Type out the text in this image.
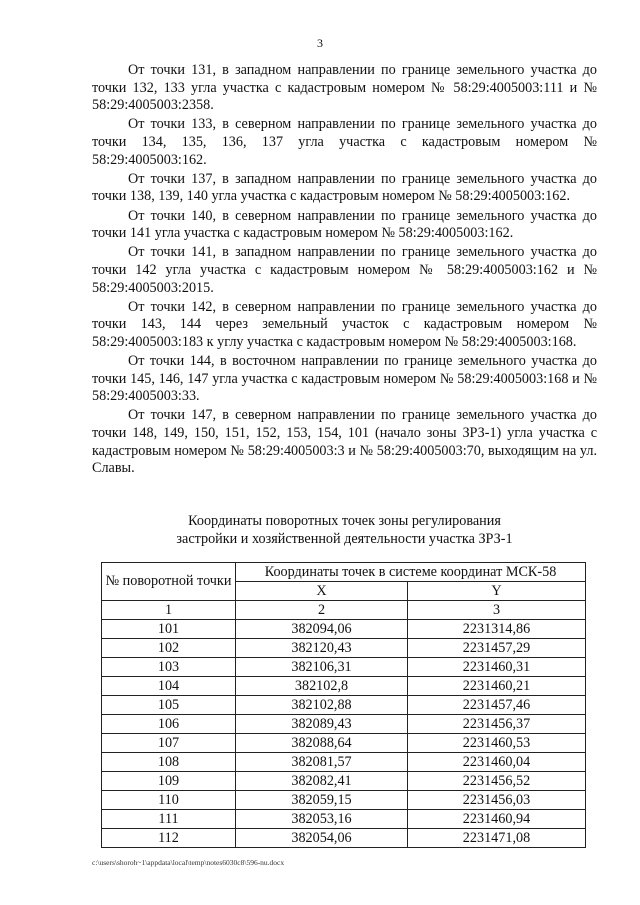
3

От точки 131, в западном направлении по границе земельного участка до точки 132, 133 угла участка с кадастровым номером № 58:29:4005003:111 и № 58:29:4005003:2358.

От точки 133, в северном направлении по границе земельного участка до точки 134, 135, 136, 137 угла участка с кадастровым номером № 58:29:4005003:162.

От точки 137, в западном направлении по границе земельного участка до точки 138, 139, 140 угла участка с кадастровым номером № 58:29:4005003:162.

От точки 140, в северном направлении по границе земельного участка до точки 141 угла участка с кадастровым номером № 58:29:4005003:162.

От точки 141, в западном направлении по границе земельного участка до точки 142 угла участка с кадастровым номером № 58:29:4005003:162 и № 58:29:4005003:2015.

От точки 142, в северном направлении по границе земельного участка до точки 143, 144 через земельный участок с кадастровым номером № 58:29:4005003:183 к углу участка с кадастровым номером № 58:29:4005003:168.

От точки 144, в восточном направлении по границе земельного участка до точки 145, 146, 147 угла участка с кадастровым номером № 58:29:4005003:168 и № 58:29:4005003:33.

От точки 147, в северном направлении по границе земельного участка до точки 148, 149, 150, 151, 152, 153, 154, 101 (начало зоны ЗРЗ-1) угла участка с кадастровым номером № 58:29:4005003:3 и № 58:29:4005003:70, выходящим на ул. Славы.

Координаты поворотных точек зоны регулирования
застройки и хозяйственной деятельности участка ЗРЗ-1
№ поворотной точки	Координаты точек в системе координат МСК-58	
	X	Y
1	2	3
101	382094,06	2231314,86
102	382120,43	2231457,29
103	382106,31	2231460,31
104	382102,8	2231460,21
105	382102,88	2231457,46
106	382089,43	2231456,37
107	382088,64	2231460,53
108	382081,57	2231460,04
109	382082,41	2231456,52
110	382059,15	2231456,03
111	382053,16	2231460,94
112	382054,06	2231471,08
c:\users\shoroh~1\appdata\local\temp\notes6030c8\596-nu.docx
